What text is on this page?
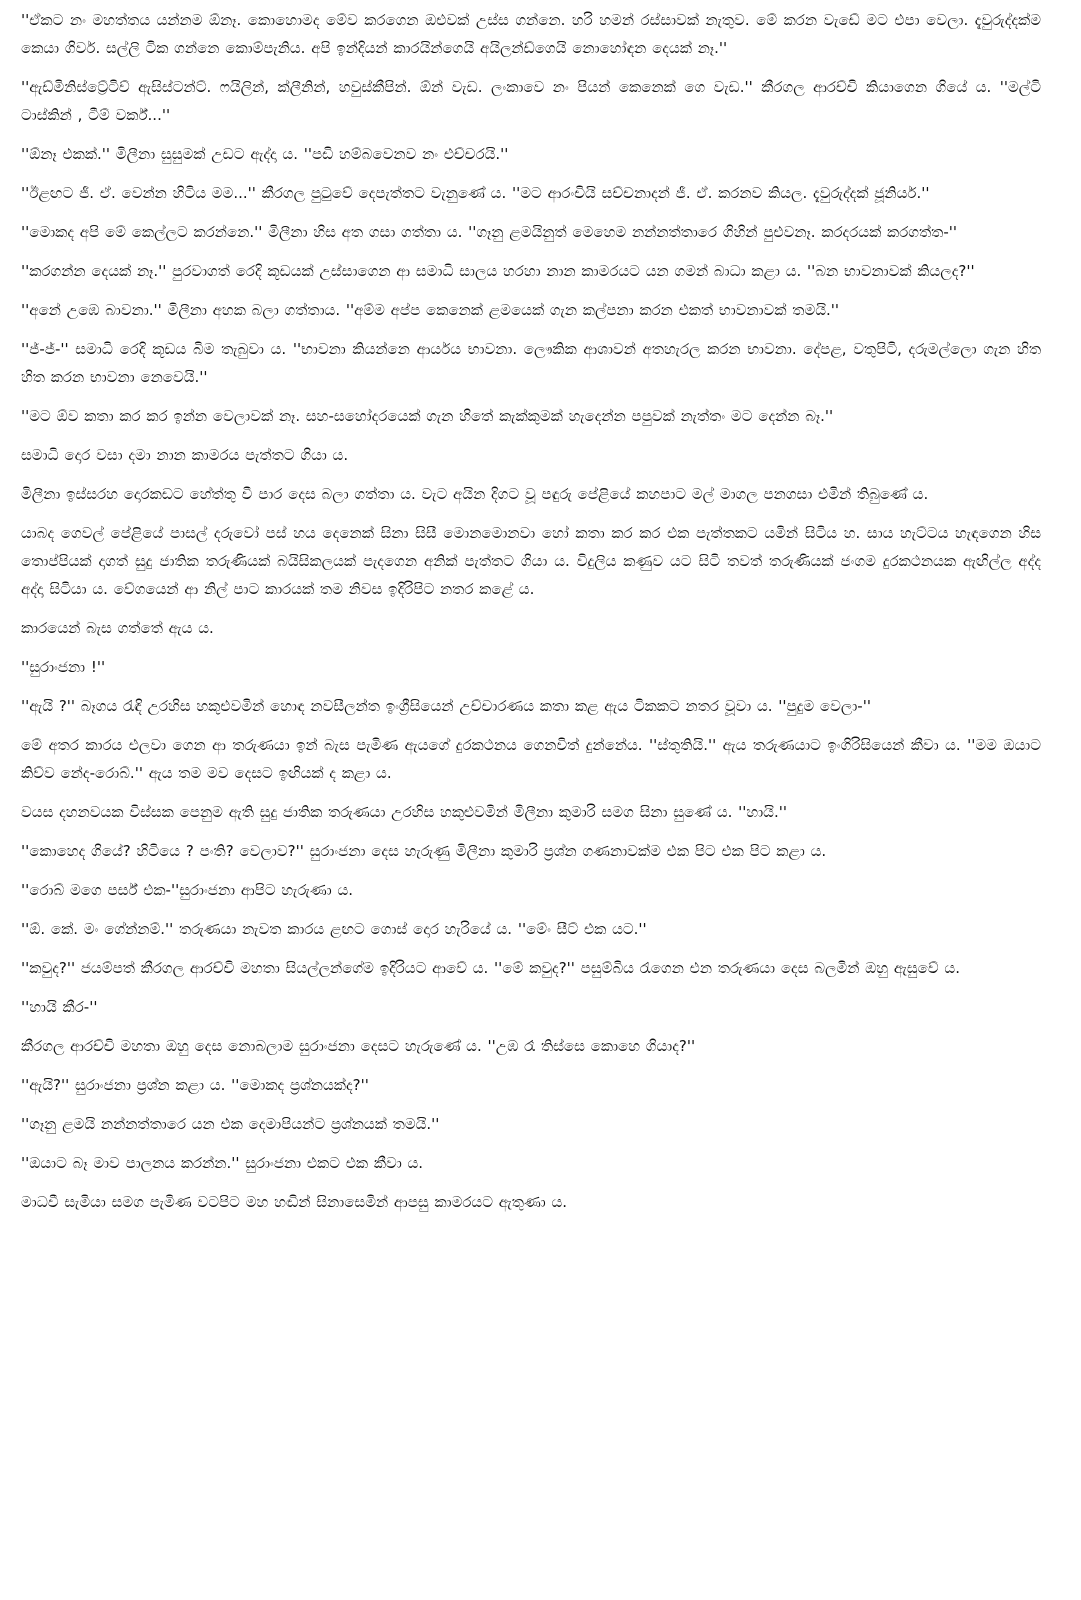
''ඒකට නං මහත්තය යන්නම ඕනෑ. කොහොමද මේව කරගෙන ඔළුවක් උස්ස ගන්නෙ. හරි හමන් රස්සාවක් නැතුව. මේ කරන වැඩේ මට එපා වෙලා. දැවුරුද්දක්ම කෙයා ගිවර්. සල්ලි ටික ගන්නෙ කොම්පැනිය. අපි ඉන්දියන් කාරයින්ගෙයි අයිලන්ඩ්ගෙයි නොහෝඳන දෙයක් නෑ.''

''ඇඩ්මිනිස්ට්‍රේටිව් ඇසිස්ටන්ට්. ෆයිලින්, ක්ලීනින්, හවුස්කීපින්. ඕන් වැඩ. ලංකාවෙ නං පියන් කෙනෙක් ගෙ වැඩ.'' කීරගල ආරච්චි කියාගෙන ගියේ ය. ''මල්ටි ටාස්කින් , ටීම් වර්ක්...''

''ඕනෑ එකක්.'' මිලීනා සුසුමක් උඩට ඇද්දා ය. ''පඩි හම්බවෙනව නං එච්චරයි.''

''ඊළඟට ජී. ඒ. වෙන්න හිටිය මම...'' කීරගල පුටුවේ දෙපැත්තට වැනුණේ ය. ''මට ආරංචියි සච්චනාදන් ජී. ඒ. කරනව කියල. දැවුරුද්දක් ජූනියර්.''

''මොකද අපි මේ කෙල්ලට කරන්නෙ.'' මිලීනා හිස අත ගසා ගත්තා ය. ''ගෑනු ළමයිනුත් මෙහෙම නන්නත්තාරෙ ගිහින් පුළුවනෑ. කරදරයක් කරගත්ත-''

''කරගන්න දෙයක් නෑ.'' පුරවාගත් රෙදි කූඩයක් උස්සාගෙන ආ සමාධි සාලය හරහා නාන කාමරයට යන ගමන් බාධා කළා ය. ''බන භාවනාවක් කියලද?''

''අනේ උඹෙ බාවනා.'' මිලීනා අහක බලා ගත්තාය. ''අම්ම අප්ප කෙනෙක් ළමයෙක් ගැන කල්පනා කරන එකත් භාවනාවක් තමයි.''

''ජ්-ජ්-'' සමාධි රෙදි කූඩය බිම තැබුවා ය. ''භාවනා කියන්නෙ ආර්යය භාවනා. ලෞකික ආශාවන් අතහැරල කරන භාවනා. දේපළ, වතුපිටි, දරුමල්ලො ගැන හිත හිත කරන භාවනා නෙවෙයි.''

''මට ඕව කතා කර කර ඉන්න වෙලාවක් නෑ. සහ-සහෝදරයෙක් ගැන හිතේ කැක්කුමක් හැදෙන්න පපුවක් නැත්තං මට දෙන්න බෑ.''

සමාධි දොර වසා දමා නාන කාමරය පැත්තට ගියා ය.

මිලීනා ඉස්සරහ දොරකඩට හේත්තු වී පාර දෙස බලා ගත්තා ය. වැට අයින දිගට වූ පඳුරු පේළියේ කහපාට මල් මාගල පනගසා එමින් තිබුණේ ය.

යාබද ගෙවල් පේළියේ පාසල් දරුවෝ පස් හය දෙනෙක් සිනා සිසී මොනමොනවා හෝ කතා කර කර එක පැත්තකට යමින් සිටිය හ. සාය හැට්ටය හැඳගෙන හිස තොප්පියක් දාගත් සුදු ජාතික තරුණියක් බයිසිකලයක් පැදගෙන අනික් පැත්තට ගියා ය. විදුලිය කණුව යට සිටි තවත් තරුණියක් ජංගම දුරකථනයක ඇඟිල්ල අද්ද අද්දා සිටියා ය. වේගයෙන් ආ නිල් පාට කාරයක් තම නිවස ඉදිරිපිට නතර කළේ ය.

කාරයෙන් බැස ගත්තේ ඇය ය.

''සුරාංජනා !''

''ඇයි ?'' බෑගය රැඳි උරහිස හකුළුවමින් හොඳ නවසීලන්ත ඉංග්‍රීසියෙන් උච්චාරණය කතා කළ ඇය ටිකකට නතර වූවා ය. ''පුදුම වෙලා-''

මේ අතර කාරය එලවා ගෙන ආ තරුණයා ඉන් බැස පැමිණ ඇයගේ දුරකථනය ගෙනවිත් දුන්නේය. ''ස්තුතියි.'' ඇය තරුණයාට ඉංගිරිසියෙන් කීවා ය. ''මම ඔයාට කිව්ව නේද-රොබ්.'' ඇය තම මව දෙසට ඉඟියක් ද කළා ය.

වයස දහනවයක විස්සක පෙනුම ඇති සුදු ජාතික තරුණයා උරහිස හකුළුවමින් මිලීනා කුමාරි සමග සිනා සුණේ ය. ''හායි.''

''කොහෙද ගියේ? හිටියෙ ? පංති? වෙලාව?'' සුරාංජනා දෙස හැරුණු මිලීනා කුමාරි ප්‍රශ්න ගණනාවක්ම එක පිට එක පිට කළා ය.

''රොබ් මගෙ පර්ස් එක-''සුරාංජනා ආපිට හැරුණා ය.

''ඕ. කේ. මං ගේන්නම්.'' තරුණයා නැවත කාරය ළඟට ගොස් දොර හැරියේ ය. ''මේං සීට් එක යට.''

''කවුද?'' ජයම්පත් කීරගල ආරච්චි මහතා සියල්ලන්ගේම ඉදිරියට ආවේ ය. ''මේ කවුද?'' පසුම්බිය රැගෙන එන තරුණයා දෙස බලමින් ඔහු ඇසුවේ ය.

''හායි කීර-''

කීරගල ආරච්චි මහතා ඔහු දෙස නොබලාම සුරාංජනා දෙසට හැරුණේ ය. ''උඹ රෑ තිස්සෙ කොහෙ ගියාද?''

''ඇයි?'' සුරාංජනා ප්‍රශ්න කළා ය. ''මොකද ප්‍රශ්නයක්ද?''

''ගෑනු ළමයි නන්නත්තාරෙ යන එක දෙමාපියන්ට ප්‍රශ්නයක් තමයි.''

''ඔයාට බෑ මාව පාලනය කරන්න.'' සුරාංජනා එකට එක කීවා ය.

මාධවී සැමියා සමග පැමිණ වටපිට මහ හඬින් සිනාසෙමින් ආපසු කාමරයට ඇතුණා ය.
